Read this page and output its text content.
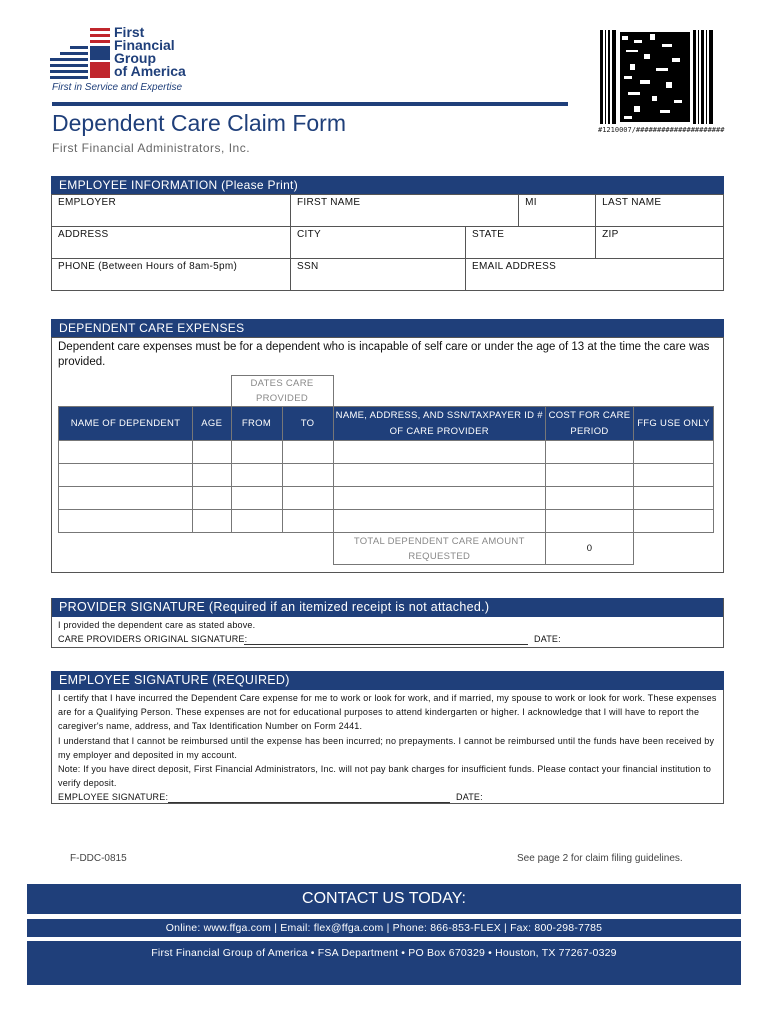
First
Financial
Group
of America
First in Service and Expertise
#1210007/#####################
Dependent Care Claim Form
First Financial Administrators, Inc.
EMPLOYEE INFORMATION (Please Print)
EMPLOYER	FIRST NAME		MI	LAST NAME
ADDRESS	CITY	STATE		ZIP
PHONE (Between Hours of 8am-5pm)	SSN	EMAIL ADDRESS		
DEPENDENT CARE EXPENSES
Dependent care expenses must be for a dependent who is incapable of self care or under the age of 13 at the time the care was provided.
		DATES CARE PROVIDED				
NAME OF DEPENDENT	AGE	FROM	TO	NAME, ADDRESS, AND SSN/TAXPAYER ID # OF CARE PROVIDER	COST FOR CARE PERIOD	FFG USE ONLY

				TOTAL DEPENDENT CARE AMOUNT REQUESTED	0	
PROVIDER SIGNATURE (Required if an itemized receipt is not attached.)
I provided the dependent care as stated above.
CARE PROVIDERS ORIGINAL SIGNATURE:	DATE:
EMPLOYEE SIGNATURE (REQUIRED)
I certify that I have incurred the Dependent Care expense for me to work or look for work, and if married, my spouse to work or look for work. These expenses are for a Qualifying Person. These expenses are not for educational purposes to attend kindergarten or higher. I acknowledge that I will have to report the caregiver's name, address, and Tax Identification Number on Form 2441.
I understand that I cannot be reimbursed until the expense has been incurred; no prepayments. I cannot be reimbursed until the funds have been received by my employer and deposited in my account.
Note: If you have direct deposit, First Financial Administrators, Inc. will not pay bank charges for insufficient funds. Please contact your financial institution to verify deposit.
EMPLOYEE SIGNATURE:	DATE:
F-DDC-0815	See page 2 for claim filing guidelines.
CONTACT US TODAY:
Online: www.ffga.com | Email: flex@ffga.com | Phone: 866-853-FLEX | Fax: 800-298-7785
First Financial Group of America • FSA Department • PO Box 670329 • Houston, TX 77267-0329
